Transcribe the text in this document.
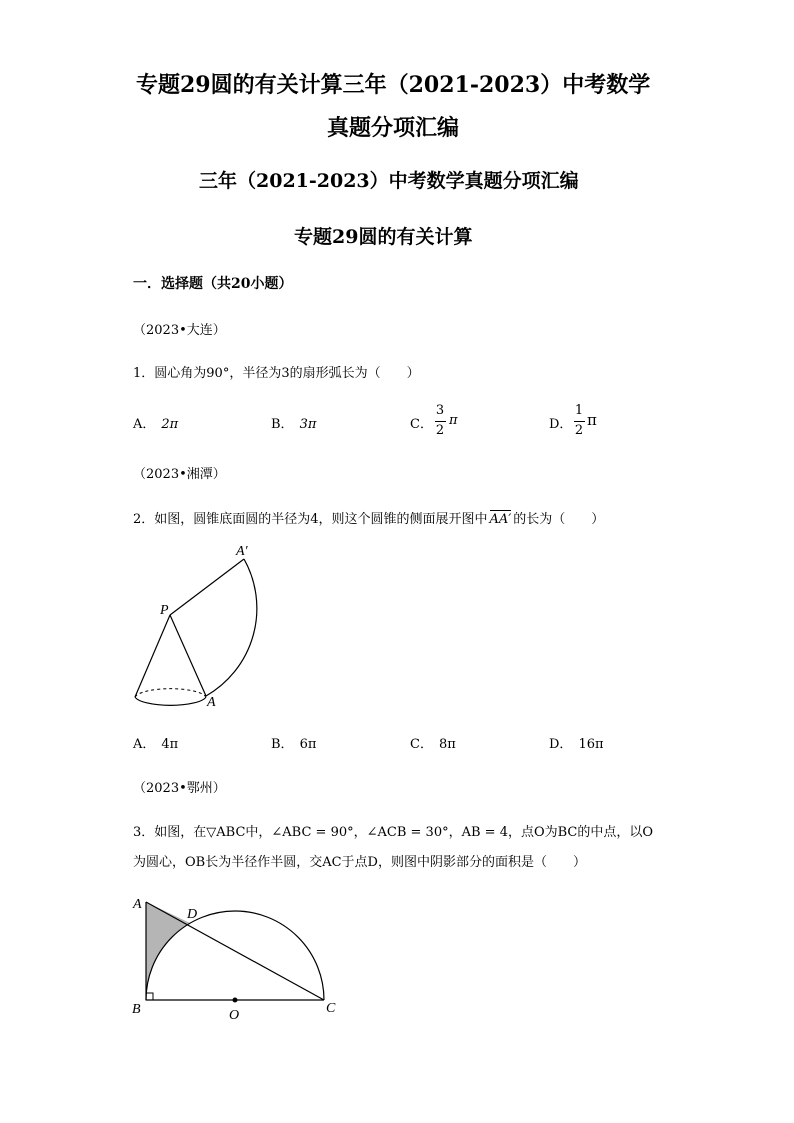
专题29圆的有关计算三年（2021-2023）中考数学
真题分项汇编
三年（2021-2023）中考数学真题分项汇编
专题29圆的有关计算
一．选择题（共20小题）
（2023•大连）
1．圆心角为90°，半径为3的扇形弧长为（　　）
A． 2π	B． 3π	C．
3
2
π	D．
1
2
π
（2023•湘潭）
2．如图，圆锥底面圆的半径为4，则这个圆锥的侧面展开图中 AA′ 的长为（　　）
P
A′
A
A． 4π	B． 6π	C． 8π	D． 16π
（2023•鄂州）
3．如图，在▽ABC中，∠ABC = 90°，∠ACB = 30°，AB = 4，点O为BC的中点，以O
为圆心，OB长为半径作半圆，交AC于点D，则图中阴影部分的面积是（　　）
A
D
B	O	C
